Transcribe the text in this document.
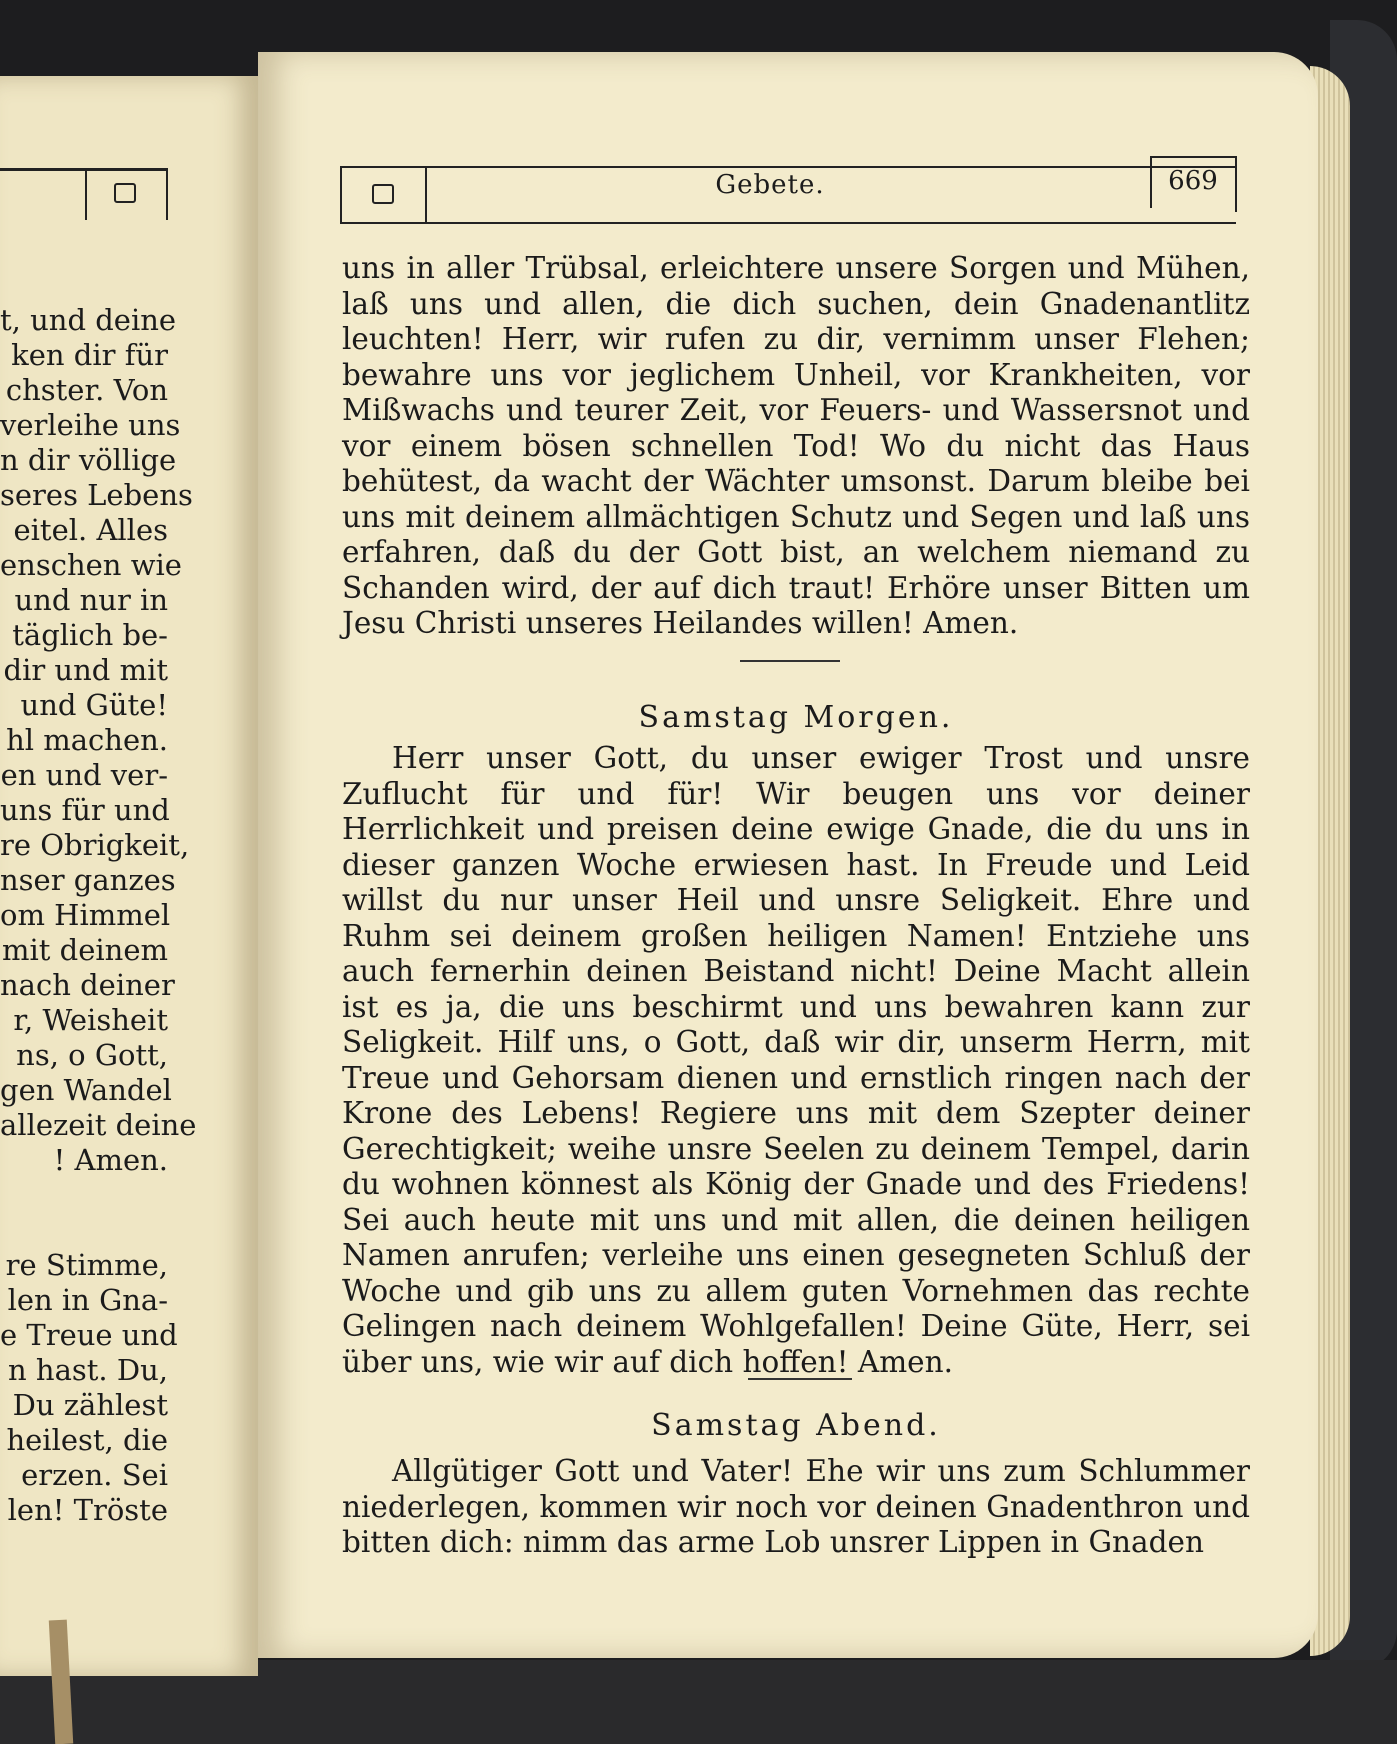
t, und deine
ken dir für
chster. Von
verleihe uns
n dir völlige
seres Lebens
eitel. Alles
enschen wie
und nur in
täglich be-
dir und mit
und Güte!
hl machen.
en und ver-
uns für und
re Obrigkeit,
nser ganzes
om Himmel
mit deinem
nach deiner
r, Weisheit
ns, o Gott,
gen Wandel
allezeit deine
! Amen.
re Stimme,
len in Gna-
e Treue und
n hast. Du,
Du zählest
heilest, die
erzen. Sei
len! Tröste
Gebete.	669

uns in aller Trübsal, erleichtere unsere Sorgen und Mühen, laß uns und allen, die dich suchen, dein Gnadenantlitz leuchten! Herr, wir rufen zu dir, vernimm unser Flehen; bewahre uns vor jeglichem Unheil, vor Krankheiten, vor Mißwachs und teurer Zeit, vor Feuers- und Wassersnot und vor einem bösen schnellen Tod! Wo du nicht das Haus behütest, da wacht der Wächter umsonst. Darum bleibe bei uns mit deinem allmächtigen Schutz und Segen und laß uns erfahren, daß du der Gott bist, an welchem niemand zu Schanden wird, der auf dich traut! Erhöre unser Bitten um Jesu Christi unseres Heilandes willen! Amen.

Samstag Morgen.

Herr unser Gott, du unser ewiger Trost und unsre Zuflucht für und für! Wir beugen uns vor deiner Herrlichkeit und preisen deine ewige Gnade, die du uns in dieser ganzen Woche erwiesen hast. In Freude und Leid willst du nur unser Heil und unsre Seligkeit. Ehre und Ruhm sei deinem großen heiligen Namen! Entziehe uns auch fernerhin deinen Beistand nicht! Deine Macht allein ist es ja, die uns beschirmt und uns bewahren kann zur Seligkeit. Hilf uns, o Gott, daß wir dir, unserm Herrn, mit Treue und Gehorsam dienen und ernstlich ringen nach der Krone des Lebens! Regiere uns mit dem Szepter deiner Gerechtigkeit; weihe unsre Seelen zu deinem Tempel, darin du wohnen könnest als König der Gnade und des Friedens! Sei auch heute mit uns und mit allen, die deinen heiligen Namen anrufen; verleihe uns einen gesegneten Schluß der Woche und gib uns zu allem guten Vornehmen das rechte Gelingen nach deinem Wohlgefallen! Deine Güte, Herr, sei über uns, wie wir auf dich hoffen! Amen.

Samstag Abend.

Allgütiger Gott und Vater! Ehe wir uns zum Schlummer niederlegen, kommen wir noch vor deinen Gnadenthron und bitten dich: nimm das arme Lob unsrer Lippen in Gnaden
